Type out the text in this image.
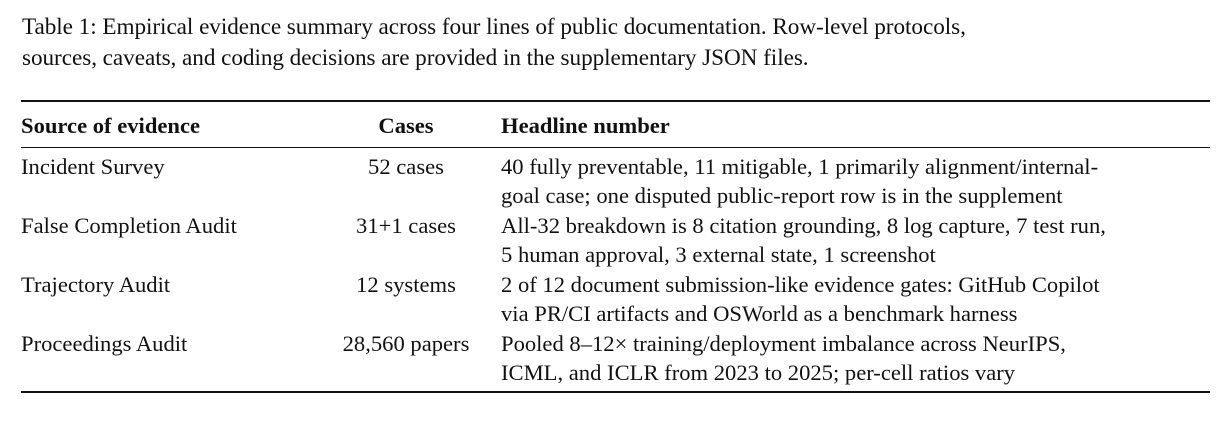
Table 1: Empirical evidence summary across four lines of public documentation. Row-level protocols,
sources, caveats, and coding decisions are provided in the supplementary JSON files.
Source of evidence	Cases	Headline number
Incident Survey	52 cases	40 fully preventable, 11 mitigable, 1 primarily alignment/internal-
goal case; one disputed public-report row is in the supplement

False Completion Audit	31+1 cases	All-32 breakdown is 8 citation grounding, 8 log capture, 7 test run,
5 human approval, 3 external state, 1 screenshot

Trajectory Audit	12 systems	2 of 12 document submission-like evidence gates: GitHub Copilot
via PR/CI artifacts and OSWorld as a benchmark harness

Proceedings Audit	28,560 papers	Pooled 8–12× training/deployment imbalance across NeurIPS,
ICML, and ICLR from 2023 to 2025; per-cell ratios vary
